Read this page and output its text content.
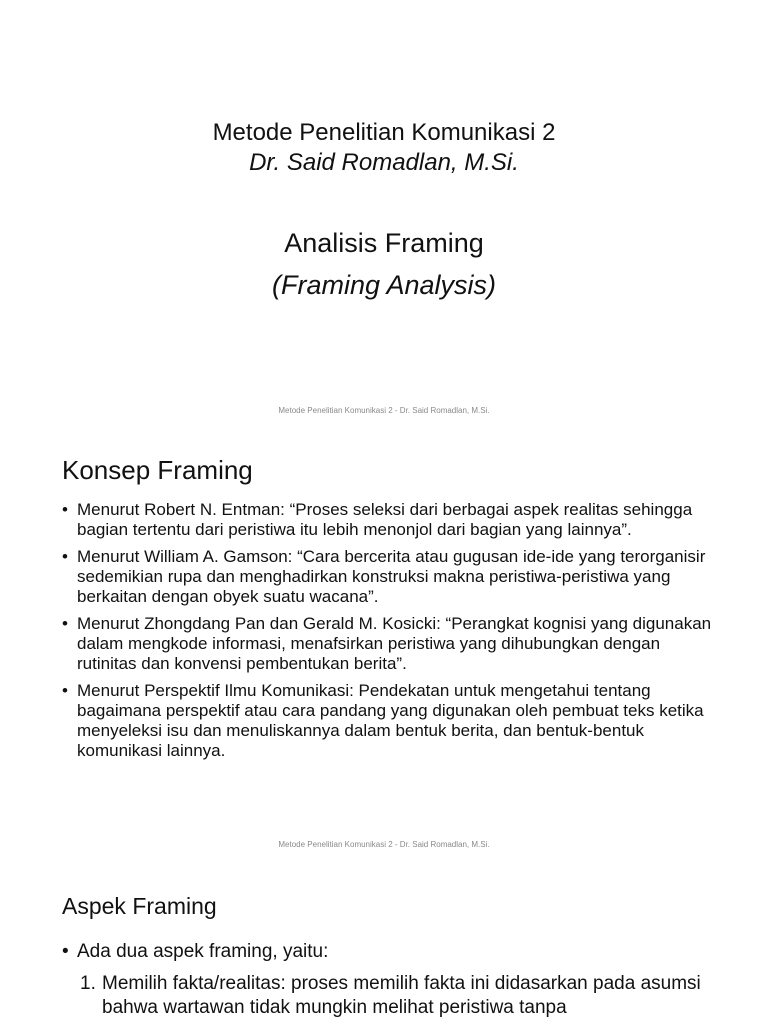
Metode Penelitian Komunikasi 2
Dr. Said Romadlan, M.Si.
Analisis Framing
(Framing Analysis)
Metode Penelitian Komunikasi 2 - Dr. Said Romadlan, M.Si.
Konsep Framing
• Menurut Robert N. Entman: “Proses seleksi dari berbagai aspek realitas sehingga bagian tertentu dari peristiwa itu lebih menonjol dari bagian yang lainnya”.
• Menurut William A. Gamson: “Cara bercerita atau gugusan ide-ide yang terorganisir sedemikian rupa dan menghadirkan konstruksi makna peristiwa-peristiwa yang berkaitan dengan obyek suatu wacana”.
• Menurut Zhongdang Pan dan Gerald M. Kosicki: “Perangkat kognisi yang digunakan dalam mengkode informasi, menafsirkan peristiwa yang dihubungkan dengan rutinitas dan konvensi pembentukan berita”.
• Menurut Perspektif Ilmu Komunikasi: Pendekatan untuk mengetahui tentang bagaimana perspektif atau cara pandang yang digunakan oleh pembuat teks ketika menyeleksi isu dan menuliskannya dalam bentuk berita, dan bentuk-bentuk komunikasi lainnya.
Metode Penelitian Komunikasi 2 - Dr. Said Romadlan, M.Si.
Aspek Framing
• Ada dua aspek framing, yaitu:
1. Memilih fakta/realitas: proses memilih fakta ini didasarkan pada asumsi bahwa wartawan tidak mungkin melihat peristiwa tanpa
